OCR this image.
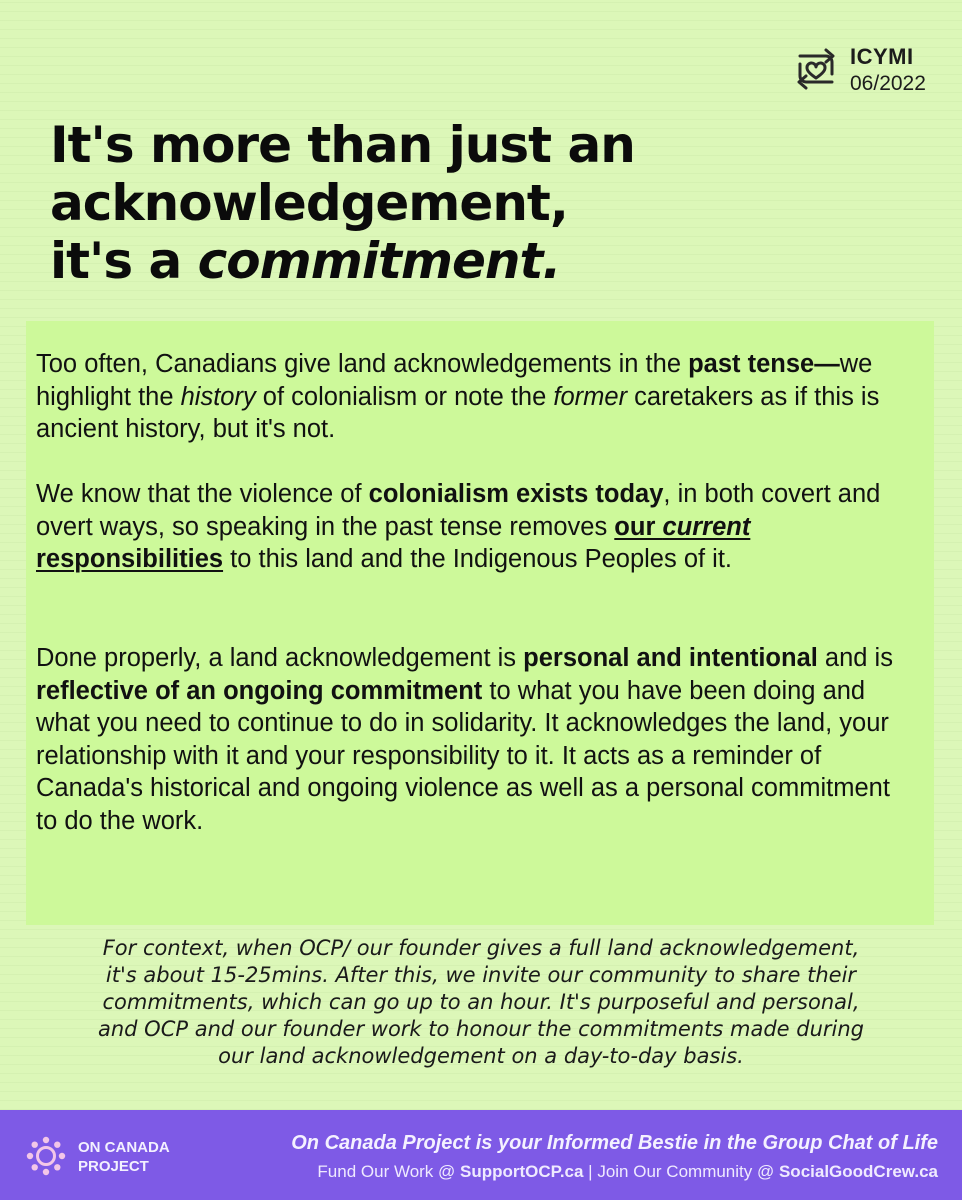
ICYMI
06/2022
It's more than just an
acknowledgement,
it's a commitment.

Too often, Canadians give land acknowledgements in the past tense—we highlight the history of colonialism or note the former caretakers as if this is ancient history, but it's not.

We know that the violence of colonialism exists today, in both covert and overt ways, so speaking in the past tense removes our current responsibilities to this land and the Indigenous Peoples of it.

Done properly, a land acknowledgement is personal and intentional and is reflective of an ongoing commitment to what you have been doing and what you need to continue to do in solidarity. It acknowledges the land, your relationship with it and your responsibility to it. It acts as a reminder of Canada's historical and ongoing violence as well as a personal commitment to do the work.

For context, when OCP/ our founder gives a full land acknowledgement,
it's about 15-25mins. After this, we invite our community to share their
commitments, which can go up to an hour. It's purposeful and personal,
and OCP and our founder work to honour the commitments made during
our land acknowledgement on a day-to-day basis.
ON CANADA
PROJECT
On Canada Project is your Informed Bestie in the Group Chat of Life
Fund Our Work @ SupportOCP.ca | Join Our Community @ SocialGoodCrew.ca
